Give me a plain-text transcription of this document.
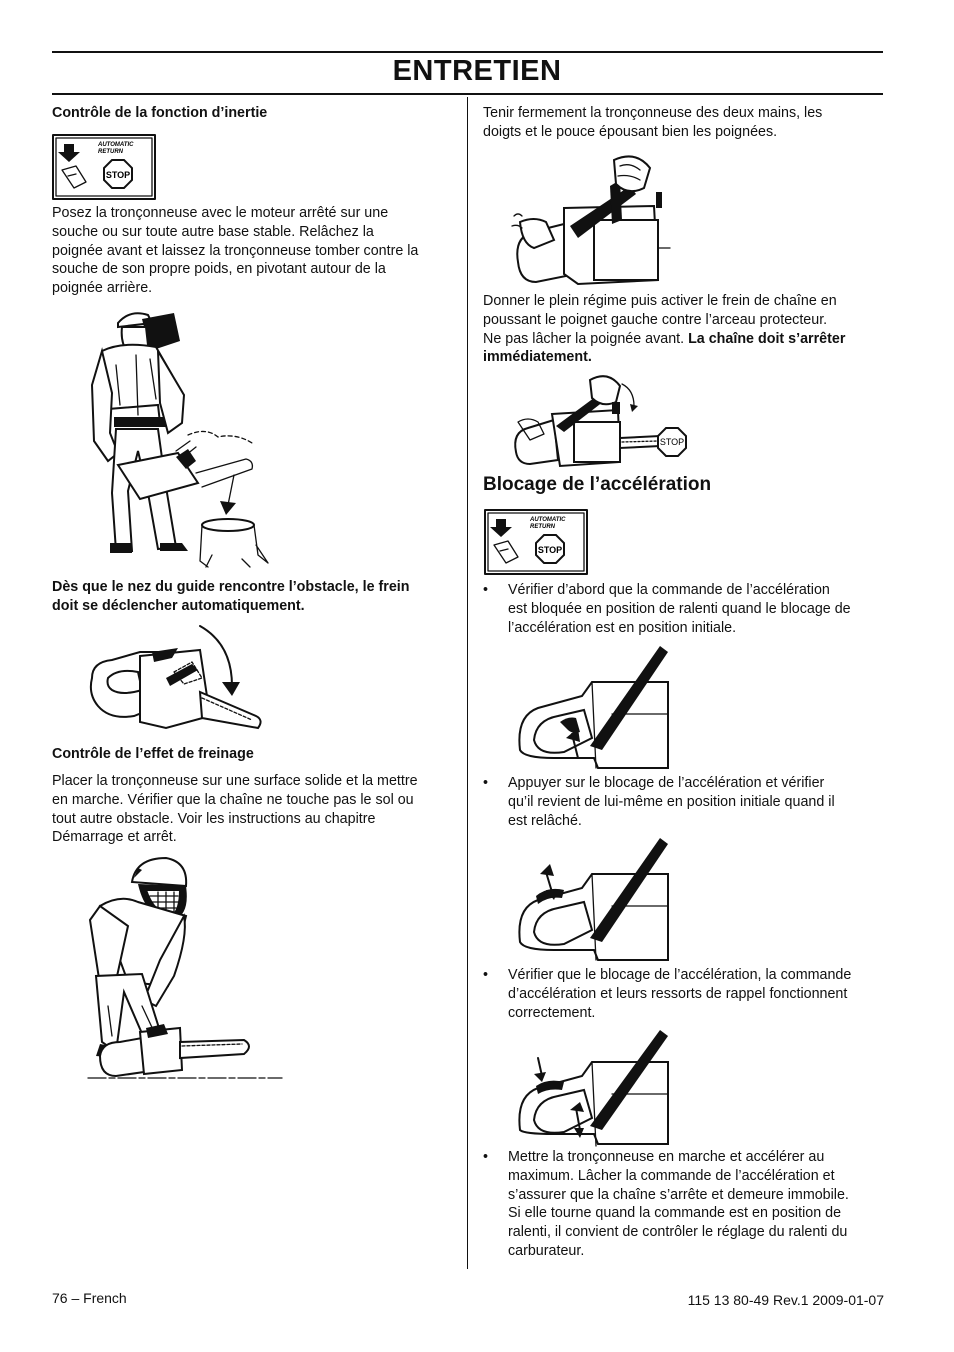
ENTRETIEN
Contrôle de la fonction d’inertie
AUTOMATIC
RETURN
STOP
Posez la tronçonneuse avec le moteur arrêté sur une
souche ou sur toute autre base stable. Relâchez la
poignée avant et laissez la tronçonneuse tomber contre la
souche de son propre poids, en pivotant autour de la
poignée arrière.
Dès que le nez du guide rencontre l’obstacle, le frein
doit se déclencher automatiquement.
Contrôle de l’effet de freinage
Placer la tronçonneuse sur une surface solide et la mettre
en marche. Vérifier que la chaîne ne touche pas le sol ou
tout autre obstacle. Voir les instructions au chapitre
Démarrage et arrêt.
Tenir fermement la tronçonneuse des deux mains, les
doigts et le pouce épousant bien les poignées.
Donner le plein régime puis activer le frein de chaîne en
poussant le poignet gauche contre l’arceau protecteur.
Ne pas lâcher la poignée avant. La chaîne doit s’arrêter
immédiatement.
STOP
Blocage de l’accélération
AUTOMATIC
RETURN
STOP
• Vérifier d’abord que la commande de l’accélération
est bloquée en position de ralenti quand le blocage de
l’accélération est en position initiale.
• Appuyer sur le blocage de l’accélération et vérifier
qu’il revient de lui-même en position initiale quand il
est relâché.
• Vérifier que le blocage de l’accélération, la commande
d’accélération et leurs ressorts de rappel fonctionnent
correctement.
• Mettre la tronçonneuse en marche et accélérer au
maximum. Lâcher la commande de l’accélération et
s’assurer que la chaîne s’arrête et demeure immobile.
Si elle tourne quand la commande est en position de
ralenti, il convient de contrôler le réglage du ralenti du
carburateur.
76 – French	115 13 80-49 Rev.1 2009-01-07
